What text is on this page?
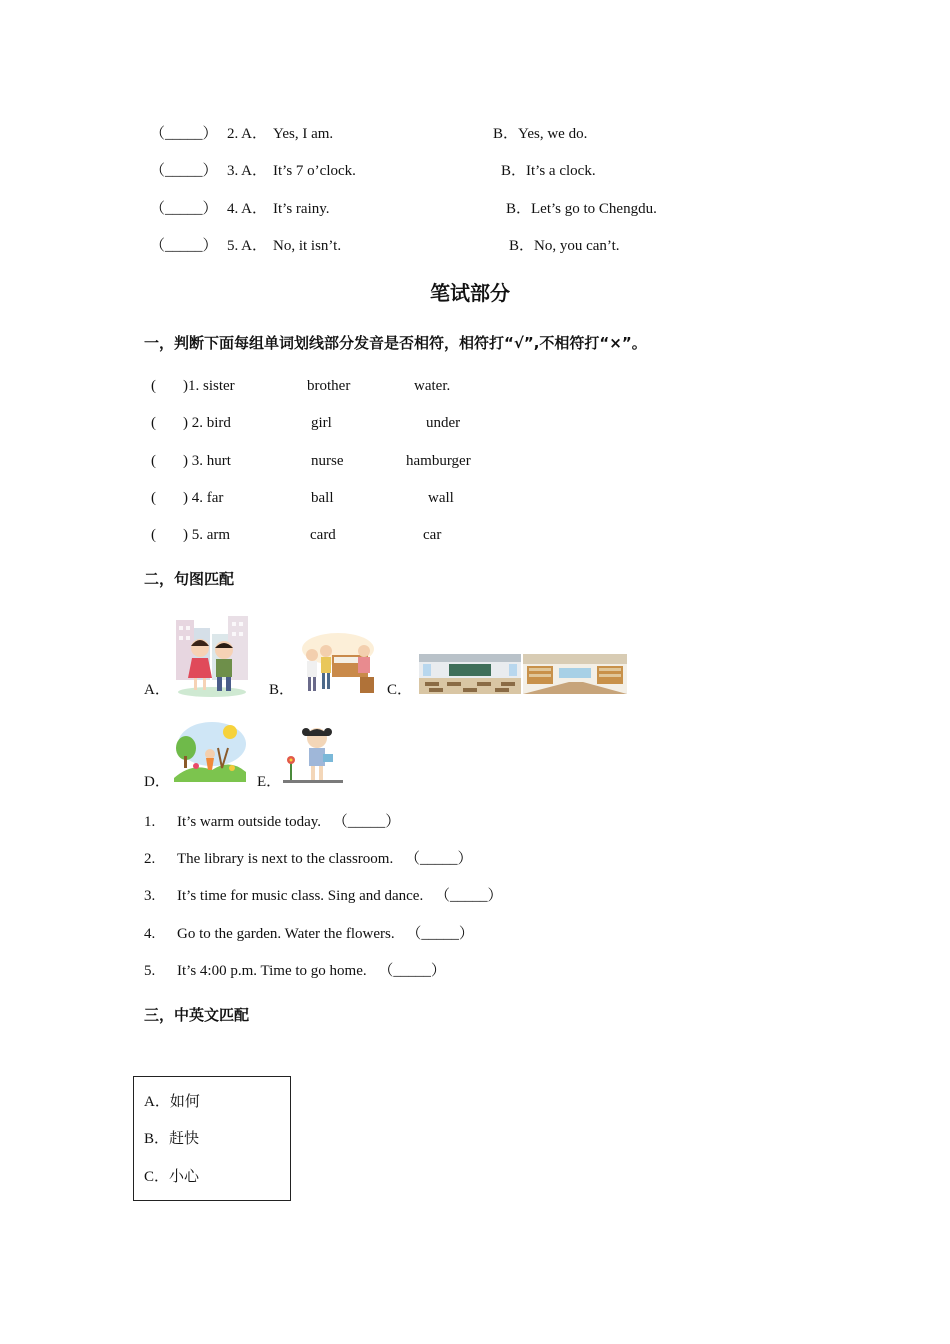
（_____） 2. A． Yes, I am.	B．Yes, we do.
（_____） 3. A． It’s 7 o’clock.	B．It’s a clock.
（_____） 4. A． It’s rainy.	B．Let’s go to Chengdu.
（_____） 5. A． No, it isn’t.	B．No, you can’t.
笔试部分
一，判断下面每组单词划线部分发音是否相符，相符打“√”,不相符打“×”。
( )1. sister	brother	water.
( ) 2. bird	girl	under
( ) 3. hurt	nurse	hamburger
( ) 4. far	ball	wall
( ) 5. arm	card	car
二，句图匹配
A．	B．	C．
D．	E．
1. It’s warm outside today. （_____）
2. The library is next to the classroom. （_____）
3. It’s time for music class. Sing and dance. （_____）
4. Go to the garden. Water the flowers. （_____）
5. It’s 4:00 p.m. Time to go home. （_____）
三，中英文匹配
A．如何
B．赶快
C．小心
